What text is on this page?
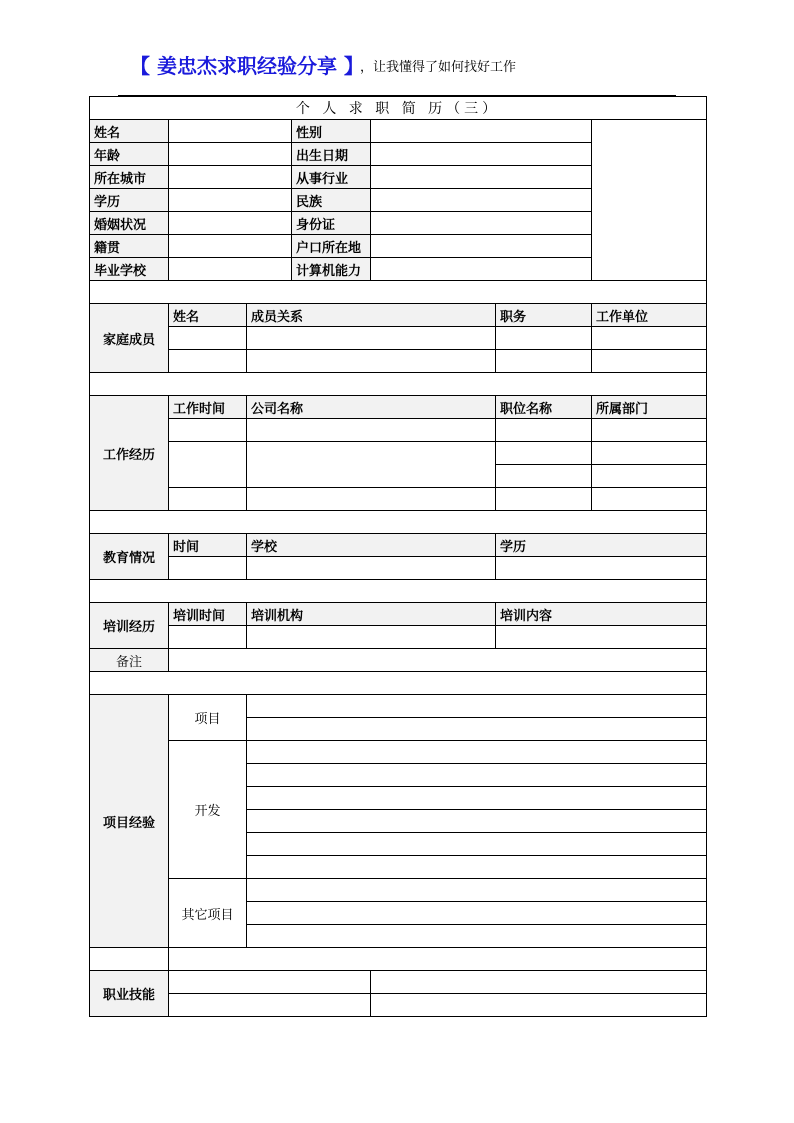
【 姜忠杰求职经验分享 】 ，让我懂得了如何找好工作
个 人 求 职 简 历（三）						
姓名			性别			
年龄			出生日期			
所在城市			从事行业			
学历			民族			
婚姻状况			身份证			
籍贯			户口所在地			
毕业学校			计算机能力			

家庭成员	姓名	成员关系			职务	工作单位

工作经历	工作时间	公司名称			职位名称	所属部门

教育情况	时间	学校			学历	

培训经历	培训时间	培训机构			培训内容	

备注						

项目经验	项目					

	开发					

	其它项目					

职业技能						
